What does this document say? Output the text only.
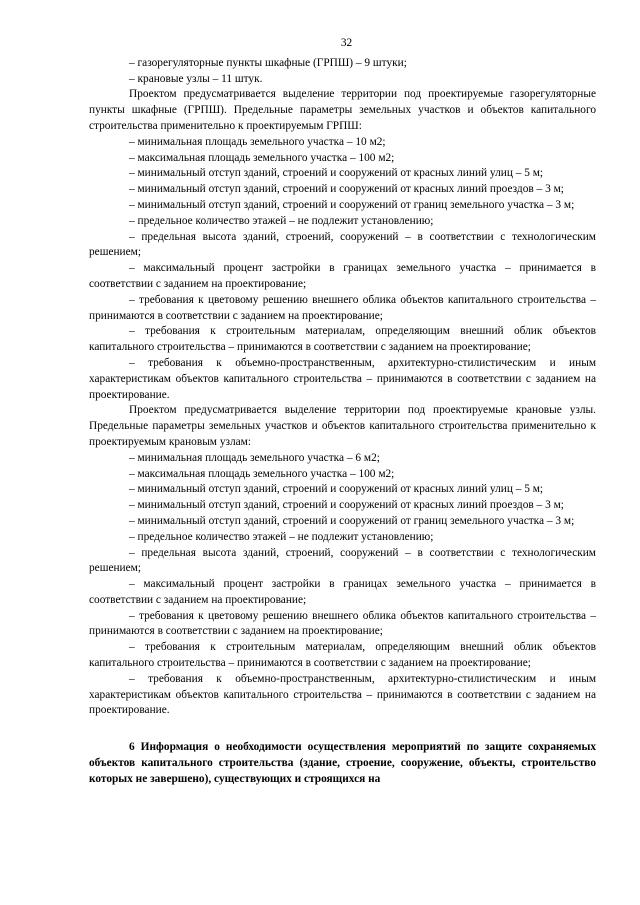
32

– газорегуляторные пункты шкафные (ГРПШ) – 9 штуки;

– крановые узлы – 11 штук.

Проектом предусматривается выделение территории под проектируемые газорегуляторные пункты шкафные (ГРПШ). Предельные параметры земельных участков и объектов капитального строительства применительно к проектируемым ГРПШ:

– минимальная площадь земельного участка – 10 м2;

– максимальная площадь земельного участка – 100 м2;

– минимальный отступ зданий, строений и сооружений от красных линий улиц – 5 м;

– минимальный отступ зданий, строений и сооружений от красных линий проездов – 3 м;

– минимальный отступ зданий, строений и сооружений от границ земельного участка – 3 м;

– предельное количество этажей – не подлежит установлению;

– предельная высота зданий, строений, сооружений – в соответствии с технологическим решением;

– максимальный процент застройки в границах земельного участка – принимается в соответствии с заданием на проектирование;

– требования к цветовому решению внешнего облика объектов капитального строительства – принимаются в соответствии с заданием на проектирование;

– требования к строительным материалам, определяющим внешний облик объектов капитального строительства – принимаются в соответствии с заданием на проектирование;

– требования к объемно-пространственным, архитектурно-стилистическим и иным характеристикам объектов капитального строительства – принимаются в соответствии с заданием на проектирование.

Проектом предусматривается выделение территории под проектируемые крановые узлы. Предельные параметры земельных участков и объектов капитального строительства применительно к проектируемым крановым узлам:

– минимальная площадь земельного участка – 6 м2;

– максимальная площадь земельного участка – 100 м2;

– минимальный отступ зданий, строений и сооружений от красных линий улиц – 5 м;

– минимальный отступ зданий, строений и сооружений от красных линий проездов – 3 м;

– минимальный отступ зданий, строений и сооружений от границ земельного участка – 3 м;

– предельное количество этажей – не подлежит установлению;

– предельная высота зданий, строений, сооружений – в соответствии с технологическим решением;

– максимальный процент застройки в границах земельного участка – принимается в соответствии с заданием на проектирование;

– требования к цветовому решению внешнего облика объектов капитального строительства – принимаются в соответствии с заданием на проектирование;

– требования к строительным материалам, определяющим внешний облик объектов капитального строительства – принимаются в соответствии с заданием на проектирование;

– требования к объемно-пространственным, архитектурно-стилистическим и иным характеристикам объектов капитального строительства – принимаются в соответствии с заданием на проектирование.

6 Информация о необходимости осуществления мероприятий по защите сохраняемых объектов капитального строительства (здание, строение, сооружение, объекты, строительство которых не завершено), существующих и строящихся на
